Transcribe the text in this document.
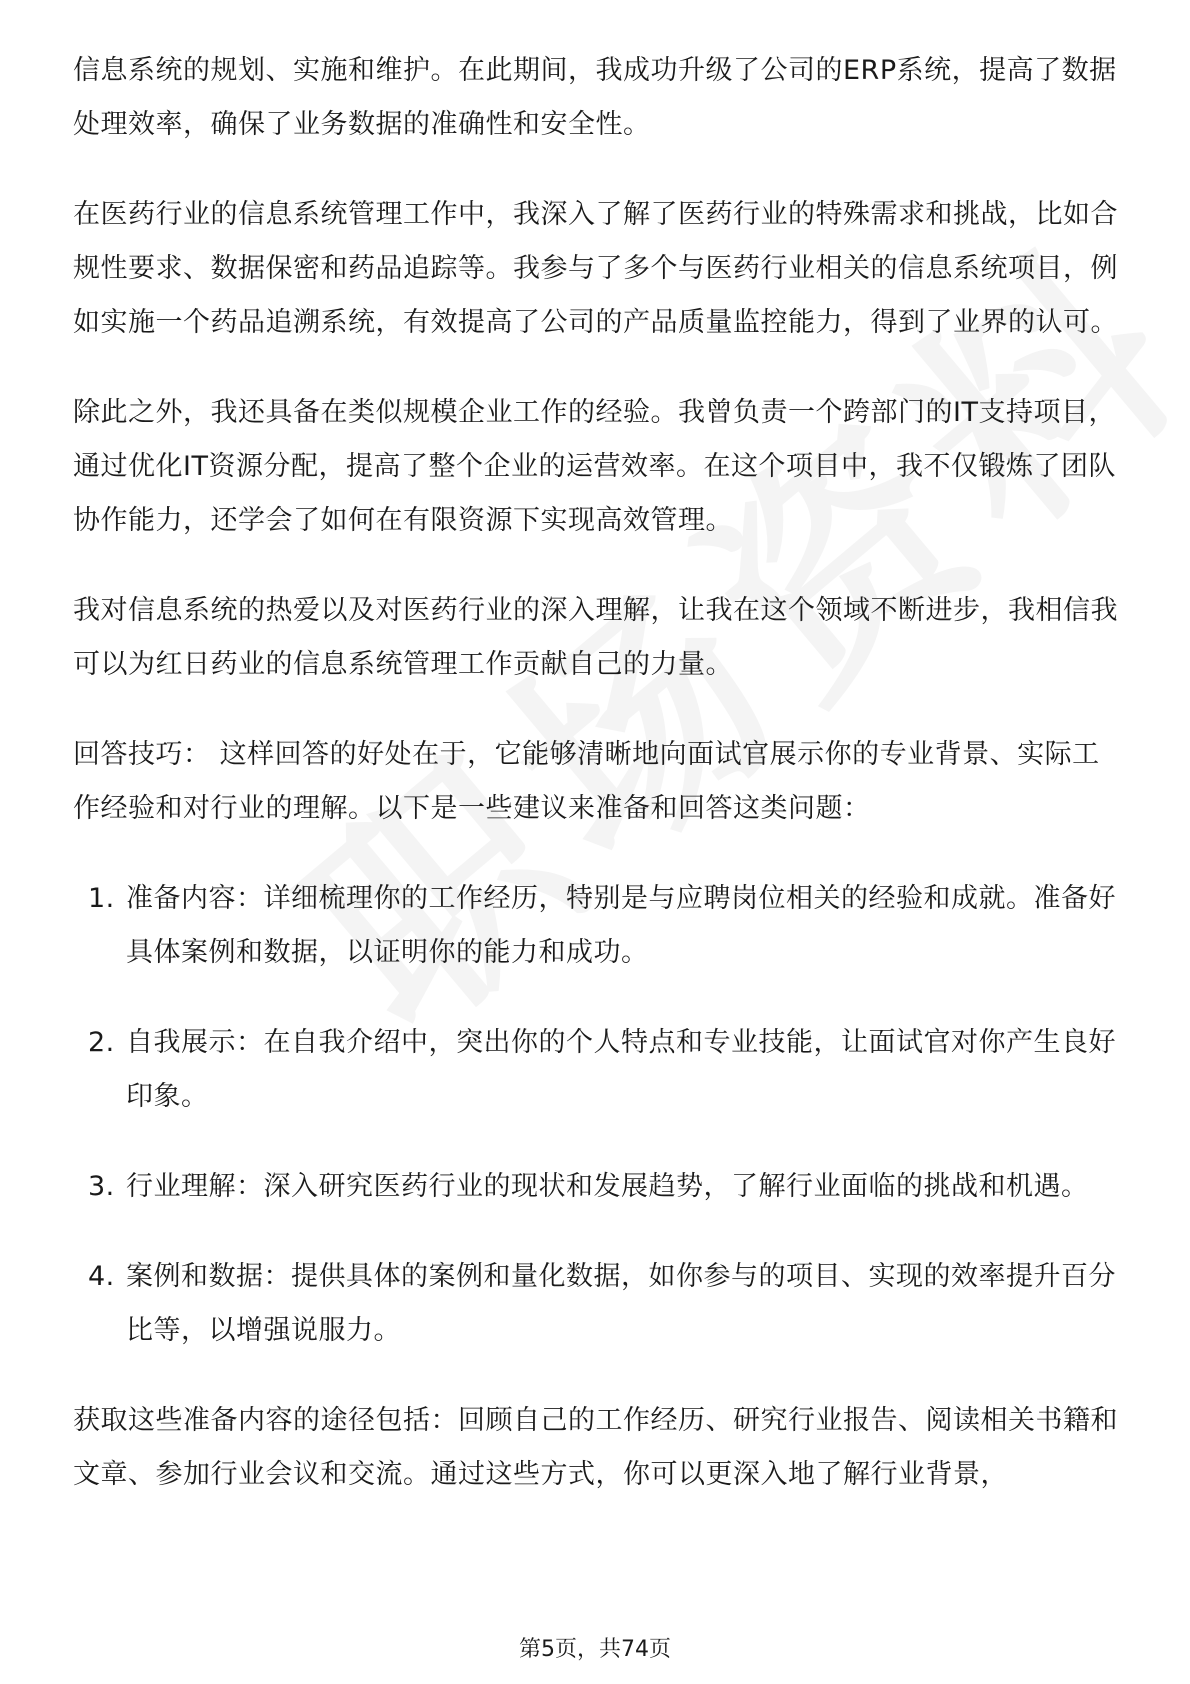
信息系统的规划、实施和维护。在此期间，我成功升级了公司的ERP系统，提高了数据处理效率，确保了业务数据的准确性和安全性。

在医药行业的信息系统管理工作中，我深入了解了医药行业的特殊需求和挑战，比如合规性要求、数据保密和药品追踪等。我参与了多个与医药行业相关的信息系统项目，例如实施一个药品追溯系统，有效提高了公司的产品质量监控能力，得到了业界的认可。

除此之外，我还具备在类似规模企业工作的经验。我曾负责一个跨部门的IT支持项目，通过优化IT资源分配，提高了整个企业的运营效率。在这个项目中，我不仅锻炼了团队协作能力，还学会了如何在有限资源下实现高效管理。

我对信息系统的热爱以及对医药行业的深入理解，让我在这个领域不断进步，我相信我可以为红日药业的信息系统管理工作贡献自己的力量。

回答技巧： 这样回答的好处在于，它能够清晰地向面试官展示你的专业背景、实际工作经验和对行业的理解。以下是一些建议来准备和回答这类问题：

1. 准备内容：详细梳理你的工作经历，特别是与应聘岗位相关的经验和成就。准备好具体案例和数据，以证明你的能力和成功。
2. 自我展示：在自我介绍中，突出你的个人特点和专业技能，让面试官对你产生良好印象。
3. 行业理解：深入研究医药行业的现状和发展趋势，了解行业面临的挑战和机遇。
4. 案例和数据：提供具体的案例和量化数据，如你参与的项目、实现的效率提升百分比等，以增强说服力。

获取这些准备内容的途径包括：回顾自己的工作经历、研究行业报告、阅读相关书籍和文章、参加行业会议和交流。通过这些方式，你可以更深入地了解行业背景，

第5页，共74页
